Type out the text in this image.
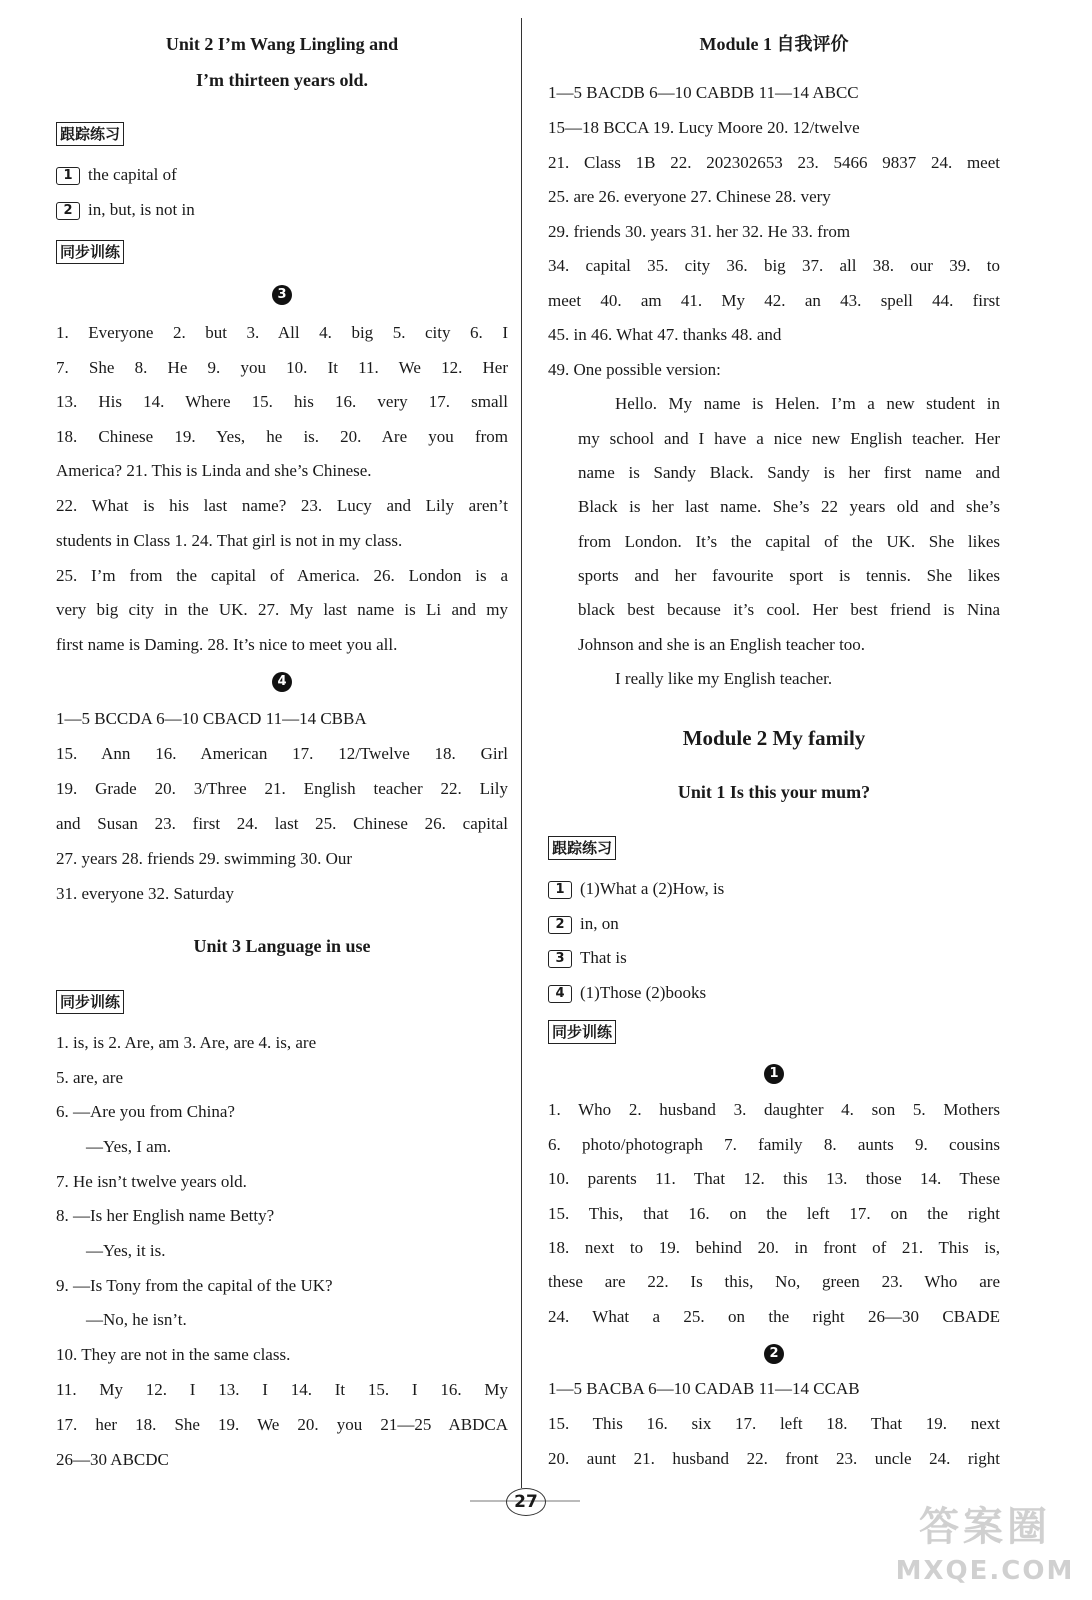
Unit 2 I’m Wang Lingling and
I’m thirteen years old.
跟踪练习
1 the capital of
2 in, but, is not in
同步训练
3
1. Everyone 2. but 3. All 4. big 5. city 6. I
7. She 8. He 9. you 10. It 11. We 12. Her
13. His 14. Where 15. his 16. very 17. small
18. Chinese 19. Yes, he is. 20. Are you from
America? 21. This is Linda and she’s Chinese.
22. What is his last name? 23. Lucy and Lily aren’t
students in Class 1. 24. That girl is not in my class.
25. I’m from the capital of America. 26. London is a
very big city in the UK. 27. My last name is Li and my
first name is Daming. 28. It’s nice to meet you all.
4
1—5 BCCDA 6—10 CBACD 11—14 CBBA
15. Ann 16. American 17. 12/Twelve 18. Girl
19. Grade 20. 3/Three 21. English teacher 22. Lily
and Susan 23. first 24. last 25. Chinese 26. capital
27. years 28. friends 29. swimming 30. Our
31. everyone 32. Saturday
Unit 3 Language in use
同步训练
1. is, is 2. Are, am 3. Are, are 4. is, are
5. are, are
6. —Are you from China?
—Yes, I am.
7. He isn’t twelve years old.
8. —Is her English name Betty?
—Yes, it is.
9. —Is Tony from the capital of the UK?
—No, he isn’t.
10. They are not in the same class.
11. My 12. I 13. I 14. It 15. I 16. My
17. her 18. She 19. We 20. you 21—25 ABDCA
26—30 ABCDC
Module 1 自我评价
1—5 BACDB 6—10 CABDB 11—14 ABCC
15—18 BCCA 19. Lucy Moore 20. 12/twelve
21. Class 1B 22. 202302653 23. 5466 9837 24. meet
25. are 26. everyone 27. Chinese 28. very
29. friends 30. years 31. her 32. He 33. from
34. capital 35. city 36. big 37. all 38. our 39. to
meet 40. am 41. My 42. an 43. spell 44. first
45. in 46. What 47. thanks 48. and
49. One possible version:
Hello. My name is Helen. I’m a new student in
my school and I have a nice new English teacher. Her
name is Sandy Black. Sandy is her first name and
Black is her last name. She’s 22 years old and she’s
from London. It’s the capital of the UK. She likes
sports and her favourite sport is tennis. She likes
black best because it’s cool. Her best friend is Nina
Johnson and she is an English teacher too.
I really like my English teacher.
Module 2 My family
Unit 1 Is this your mum?
跟踪练习
1 (1)What a (2)How, is
2 in, on
3 That is
4 (1)Those (2)books
同步训练
1
1. Who 2. husband 3. daughter 4. son 5. Mothers
6. photo/photograph 7. family 8. aunts 9. cousins
10. parents 11. That 12. this 13. those 14. These
15. This, that 16. on the left 17. on the right
18. next to 19. behind 20. in front of 21. This is,
these are 22. Is this, No, green 23. Who are
24. What a 25. on the right 26—30 CBADE
2
1—5 BACBA 6—10 CADAB 11—14 CCAB
15. This 16. six 17. left 18. That 19. next
20. aunt 21. husband 22. front 23. uncle 24. right
27
答案圈
MXQE.COM
